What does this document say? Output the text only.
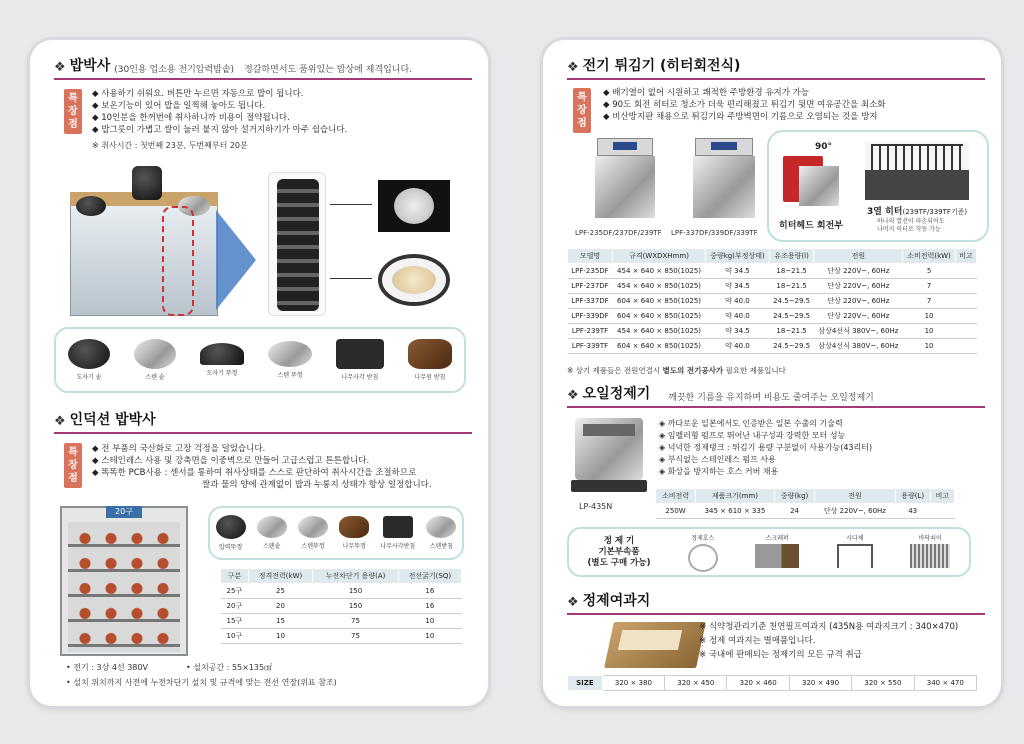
❖ 밥박사 (30인용 업소용 전기압력밥솥) 정갈하면서도 품위있는 밥상에 제격입니다.
특장점
◆ 사용하기 쉬워요. 버튼만 누르면 자동으로 밥이 됩니다.
◆ 보온기능이 있어 밥을 일찍해 놓아도 됩니다.
◆ 10인분을 한꺼번에 취사하니까 비용이 절약됩니다.
◆ 밥그릇이 가볍고 쌀이 눌러 붙지 않아 설거지하기가 아주 쉽습니다.
※ 취사시간 : 첫번째 23분, 두번째부터 20분
도자기 솥	스텐 솥
도자기 뚜껑	스텐 뚜껑	나무사각 받침	나무원 받침
❖ 인덕션 밥박사
특장점
◆ 전 부품의 국산화로 고장 걱정을 덜었습니다.
◆ 스테인레스 사용 및 강축면을 이중벽으로 만들어 고급스럽고 튼튼합니다.
◆ 똑똑한 PCB사용 : 센서를 통하여 취사상태를 스스로 판단하여 취사시간을 조절하므로
쌀과 물의 양에 관계없이 밥과 누룽지 상태가 항상 일정합니다.
20구
압력뚜껑	스텐솥	스텐뚜껑	나무뚜껑 나무사각받침 스텐받침
구분	정격전력(kW)	누전차단기 용량(A)	전선굵기(SQ)
25구	25	150	16
20구	20	150	16
15구	15	75	10
10구	10	75	10
• 전기 : 3상 4선 380V	• 설치공간 : 55×135㎠
• 설치 위치까지 사전에 누전차단기 설치 및 규격에 맞는 전선 연장(위표 참조)
❖ 전기 튀김기 (히터회전식)
특장점
◆ 배기열이 없어 시원하고 쾌적한 주방환경 유지가 가능
◆ 90도 회전 히터로 청소가 더욱 편리해졌고 튀김기 뒷면 여유공간을 최소화
◆ 비산방지판 채용으로 튀김기와 주방벽면이 기름으로 오염되는 것을 방지
LPF-235DF/237DF/239TF LPF-337DF/339DF/339TF
90°
히터헤드 회전부
3열 히터(239TF/339TF기준)
하나의 열선이 파손되어도
나머지 히터로 작동 가능
모델명	규격(WXDXHmm)	중량kg(부정상태)	유조용량(l)	전원	소비전력(kW)	비고
LPF-235DF	454 × 640 × 850(1025)	약 34.5	18~21.5	단상 220V~, 60Hz	5	
LPF-237DF	454 × 640 × 850(1025)	약 34.5	18~21.5	단상 220V~, 60Hz	7	
LPF-337DF	604 × 640 × 850(1025)	약 40.0	24.5~29.5	단상 220V~, 60Hz	7	
LPF-339DF	604 × 640 × 850(1025)	약 40.0	24.5~29.5	단상 220V~, 60Hz	10	
LPF-239TF	454 × 640 × 850(1025)	약 34.5	18~21.5	삼상4선식 380V~, 60Hz	10	
LPF-339TF	604 × 640 × 850(1025)	약 40.0	24.5~29.5	삼상4선식 380V~, 60Hz	10	
※ 상기 제품들은 전원연결시 별도의 전기공사가 필요한 제품입니다
❖ 오일정제기 깨끗한 기름을 유지하며 비용도 줄여주는 오일정제기
LP-435N
◈ 까다로운 일본에서도 인증받은 일본 수출의 기술력
◈ 임펠러형 펌프로 뛰어난 내구성과 강력한 모터 성능
◈ 넉넉한 정제탱크 : 튀김기 용량 구분없이 사용가능(43리터)
◈ 부식없는 스테인레스 펌프 사용
◈ 화상을 방지하는 호스 커버 채용
소비전력	제품크기(mm)	중량(kg)	전원	용량(L)	비고
250W	345 × 610 × 335	24	단상 220V~, 60Hz	43	
정 제 기
기본부속품
(별도 구매 가능)
정제호스	스크레퍼	시다체	바닥쇠이
❖ 정제여과지
※ 식약청관리기준 천연필프여과지 (435N용 여과지크기 : 340×470)
※ 정제 여과지는 별매품입니다.
※ 국내에 판매되는 정제기의 모든 규격 취급
SIZE	320 × 380	320 × 450	320 × 460	320 × 490	320 × 550	340 × 470
